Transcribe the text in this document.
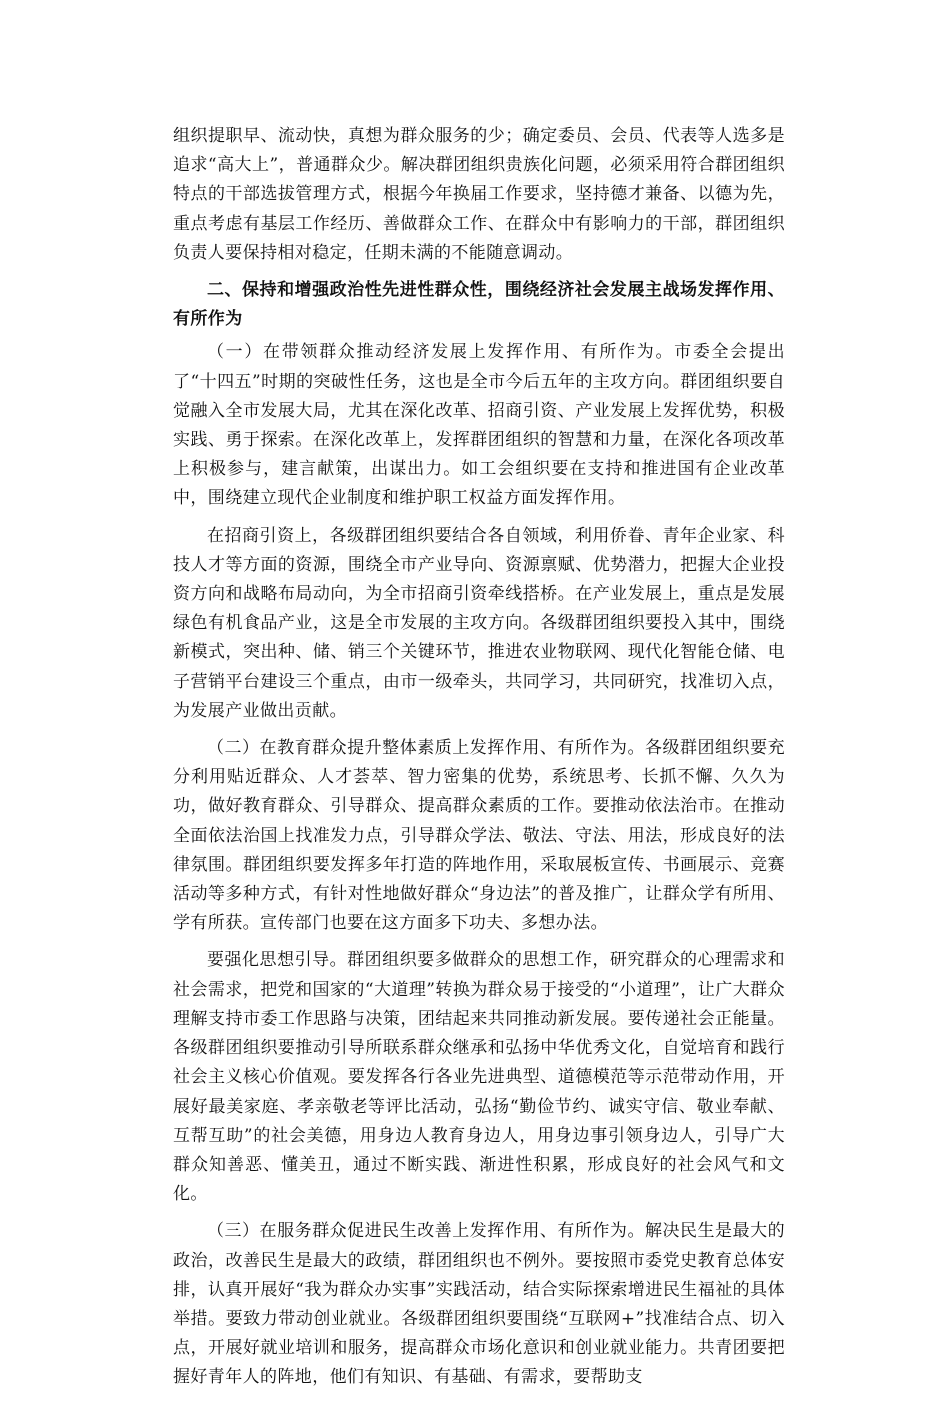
组织提职早、流动快，真想为群众服务的少；确定委员、会员、代表等人选多是追求“高大上”，普通群众少。解决群团组织贵族化问题，必须采用符合群团组织特点的干部选拔管理方式，根据今年换届工作要求，坚持德才兼备、以德为先，重点考虑有基层工作经历、善做群众工作、在群众中有影响力的干部，群团组织负责人要保持相对稳定，任期未满的不能随意调动。

二、保持和增强政治性先进性群众性，围绕经济社会发展主战场发挥作用、有所作为

（一）在带领群众推动经济发展上发挥作用、有所作为。市委全会提出了“十四五”时期的突破性任务，这也是全市今后五年的主攻方向。群团组织要自觉融入全市发展大局，尤其在深化改革、招商引资、产业发展上发挥优势，积极实践、勇于探索。在深化改革上，发挥群团组织的智慧和力量，在深化各项改革上积极参与，建言献策，出谋出力。如工会组织要在支持和推进国有企业改革中，围绕建立现代企业制度和维护职工权益方面发挥作用。

在招商引资上，各级群团组织要结合各自领域，利用侨眷、青年企业家、科技人才等方面的资源，围绕全市产业导向、资源禀赋、优势潜力，把握大企业投资方向和战略布局动向，为全市招商引资牵线搭桥。在产业发展上，重点是发展绿色有机食品产业，这是全市发展的主攻方向。各级群团组织要投入其中，围绕新模式，突出种、储、销三个关键环节，推进农业物联网、现代化智能仓储、电子营销平台建设三个重点，由市一级牵头，共同学习，共同研究，找准切入点，为发展产业做出贡献。

（二）在教育群众提升整体素质上发挥作用、有所作为。各级群团组织要充分利用贴近群众、人才荟萃、智力密集的优势，系统思考、长抓不懈、久久为功，做好教育群众、引导群众、提高群众素质的工作。要推动依法治市。在推动全面依法治国上找准发力点，引导群众学法、敬法、守法、用法，形成良好的法律氛围。群团组织要发挥多年打造的阵地作用，采取展板宣传、书画展示、竞赛活动等多种方式，有针对性地做好群众“身边法”的普及推广，让群众学有所用、学有所获。宣传部门也要在这方面多下功夫、多想办法。

要强化思想引导。群团组织要多做群众的思想工作，研究群众的心理需求和社会需求，把党和国家的“大道理”转换为群众易于接受的“小道理”，让广大群众理解支持市委工作思路与决策，团结起来共同推动新发展。要传递社会正能量。各级群团组织要推动引导所联系群众继承和弘扬中华优秀文化，自觉培育和践行社会主义核心价值观。要发挥各行各业先进典型、道德模范等示范带动作用，开展好最美家庭、孝亲敬老等评比活动，弘扬“勤俭节约、诚实守信、敬业奉献、互帮互助”的社会美德，用身边人教育身边人，用身边事引领身边人，引导广大群众知善恶、懂美丑，通过不断实践、渐进性积累，形成良好的社会风气和文化。

（三）在服务群众促进民生改善上发挥作用、有所作为。解决民生是最大的政治，改善民生是最大的政绩，群团组织也不例外。要按照市委党史教育总体安排，认真开展好“我为群众办实事”实践活动，结合实际探索增进民生福祉的具体举措。要致力带动创业就业。各级群团组织要围绕“互联网+”找准结合点、切入点，开展好就业培训和服务，提高群众市场化意识和创业就业能力。共青团要把握好青年人的阵地，他们有知识、有基础、有需求，要帮助支
